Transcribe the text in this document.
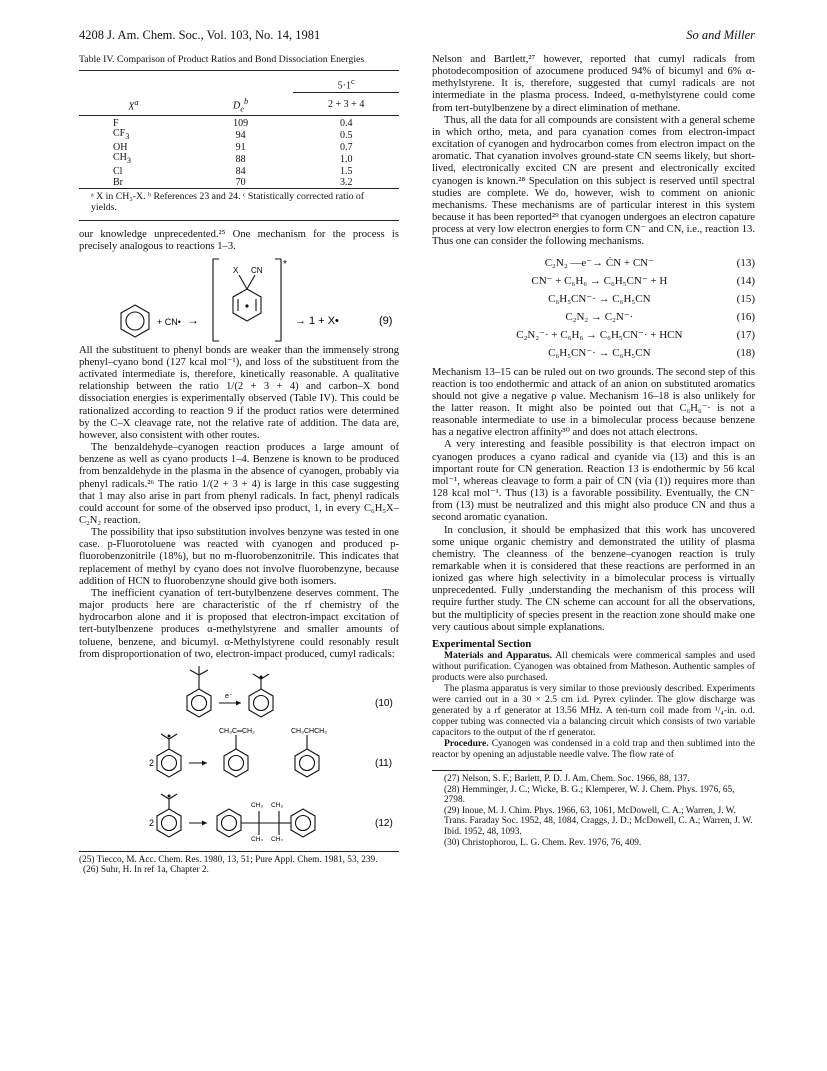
4208 J. Am. Chem. Soc., Vol. 103, No. 14, 1981	So and Miller

Table IV. Comparison of Product Ratios and Bond Dissociation Energies

		$5\cdot 1^c$
$X^a$	$D_e^b$	2 + 3 + 4

F	109	0.4
$CF_3$	94	0.5
OH	91	0.7
$CH_3$	88	1.0
Cl	84	1.5
Br	70	3.2

ᵃ X in CH₃-X. ᵇ References 23 and 24. ᶜ Statistically corrected ratio of yields.

our knowledge unprecedented.²⁵ One mechanism for the process is precisely analogous to reactions 1–3.

+ CN• →
X CN
*
→ 1 + X•	(9)

All the substituent to phenyl bonds are weaker than the immensely strong phenyl–cyano bond (127 kcal mol⁻¹), and loss of the substituent from the activated intermediate is, therefore, kinetically reasonable. A qualitative relationship between the ratio 1/(2 + 3 + 4) and carbon–X bond dissociation energies is experimentally observed (Table IV). This could be rationalized according to reaction 9 if the product ratios were determined by the C–X cleavage rate, not the relative rate of addition. The data are, however, also consistent with other routes.

The benzaldehyde–cyanogen reaction produces a large amount of benzene as well as cyano products 1–4. Benzene is known to be produced from benzaldehyde in the plasma in the absence of cyanogen, probably via phenyl radicals.²⁶ The ratio 1/(2 + 3 + 4) is large in this case suggesting that 1 may also arise in part from phenyl radicals. In fact, phenyl radicals could account for some of the observed ipso product, 1, in every C₆H₅X–C₂N₂ reaction.

The possibility that ipso substitution involves benzyne was tested in one case. p-Fluorotoluene was reacted with cyanogen and produced p-fluorobenzonitrile (18%), but no m-fluorobenzonitrile. This indicates that replacement of methyl by cyano does not involve fluorobenzyne, because addition of HCN to fluorobenzyne should give both isomers.

The inefficient cyanation of tert-butylbenzene deserves comment. The major products here are characteristic of the rf chemistry of the hydrocarbon alone and it is proposed that electron-impact excitation of tert-butylbenzene produces α-methylstyrene and smaller amounts of toluene, benzene, and bicumyl. α-Methylstyrene could resonably result from disproportionation of two, electron-impact produced, cumyl radicals:

e⁻
(10)
2
CH₃C═CH₂	CH₃CHCH₃
(11)
2
CH₃ CH₃
CH₃ CH₃
(12)

(25) Tiecco, M. Acc. Chem. Res. 1980, 13, 51; Pure Appl. Chem. 1981, 53, 239.

(26) Suhr, H. In ref 1a, Chapter 2.

Nelson and Bartlett,²⁷ however, reported that cumyl radicals from photodecomposition of azocumene produced 94% of bicumyl and 6% α-methylstyrene. It is, therefore, suggested that cumyl radicals are not intermediate in the plasma process. Indeed, α-methylstyrene could come from tert-butylbenzene by a direct elimination of methane.

Thus, all the data for all compounds are consistent with a general scheme in which ortho, meta, and para cyanation comes from electron-impact excitation of cyanogen and hydrocarbon comes from electron impact on the aromatic. That cyanation involves ground-state CN seems likely, but short-lived, electronically excited CN are present and electronically excited cyanogen is known.²⁸ Speculation on this subject is reserved until spectral studies are complete. We do, however, wish to comment on anionic mechanisms. These mechanisms are of particular interest in this system because it has been reported²⁹ that cyanogen undergoes an electron capature process at very low electron energies to form CN⁻ and CN, i.e., reaction 13. Thus one can consider the following mechanisms.

C₂N₂ —e⁻→ ĊN + CN⁻	(13)
CN⁻ + C₆H₆ → C₆H₅CN⁻ + H	(14)
C₆H₅CN⁻· → C₆H₅CN	(15)
C₂N₂ → C₂N⁻·	(16)
C₂N₂⁻· + C₆H₆ → C₆H₅CN⁻· + HCN	(17)
C₆H₅CN⁻· → C₆H₅CN	(18)

Mechanism 13–15 can be ruled out on two grounds. The second step of this reaction is too endothermic and attack of an anion on substituted aromatics should not give a negative ρ value. Mechanism 16–18 is also unlikely for the latter reason. It might also be pointed out that C₆H₆⁻· is not a reasonable intermediate to use in a bimolecular process because benzene has a negative electron affinity³⁰ and does not attach electrons.

A very interesting and feasible possibility is that electron impact on cyanogen produces a cyano radical and cyanide via (13) and this is an important route for CN generation. Reaction 13 is endothermic by 56 kcal mol⁻¹, whereas cleavage to form a pair of CN (via (1)) requires more than 128 kcal mol⁻¹. Thus (13) is a favorable possibility. Eventually, the CN⁻ from (13) must be neutralized and this might also produce CN and thus a second aromatic cyanation.

In conclusion, it should be emphasized that this work has uncovered some unique organic chemistry and demonstrated the utility of plasma chemistry. The cleanness of the benzene–cyanogen reaction is truly remarkable when it is considered that these reactions are performed in an ionized gas where high selectivity in a bimolecular process is virtually unprecedented. Fully ,understanding the mechanism of this process will require further study. The CN scheme can account for all the observations, but the multiplicity of species present in the reaction zone should make one very cautious about simple explanations.

Experimental Section

Materials and Apparatus. All chemicals were commerical samples and used without purification. Cyanogen was obtained from Matheson. Authentic samples of products were also purchased.

The plasma apparatus is very similar to those previously described. Experiments were carried out in a 30 × 2.5 cm i.d. Pyrex cylinder. The glow discharge was generated by a rf generator at 13.56 MHz. A ten-turn coil made from ¹/₄-in. o.d. copper tubing was connected via a balancing circuit which consists of two variable capacitors to the output of the rf generator.

Procedure. Cyanogen was condensed in a cold trap and then sublimed into the reactor by opening an adjustable needle valve. The flow rate of

(27) Nelson, S. F.; Barlett, P. D. J. Am. Chem. Soc. 1966, 88, 137.

(28) Hemminger, J. C.; Wicke, B. G.; Klemperer, W. J. Chem. Phys. 1976, 65, 2798.

(29) Inoue, M. J. Chim. Phys. 1966, 63, 1061, McDowell, C. A.; Warren, J. W. Trans. Faraday Soc. 1952, 48, 1084, Craggs, J. D.; McDowell, C. A.; Warren, J. W. Ibid. 1952, 48, 1093.

(30) Christophorou, L. G. Chem. Rev. 1976, 76, 409.
